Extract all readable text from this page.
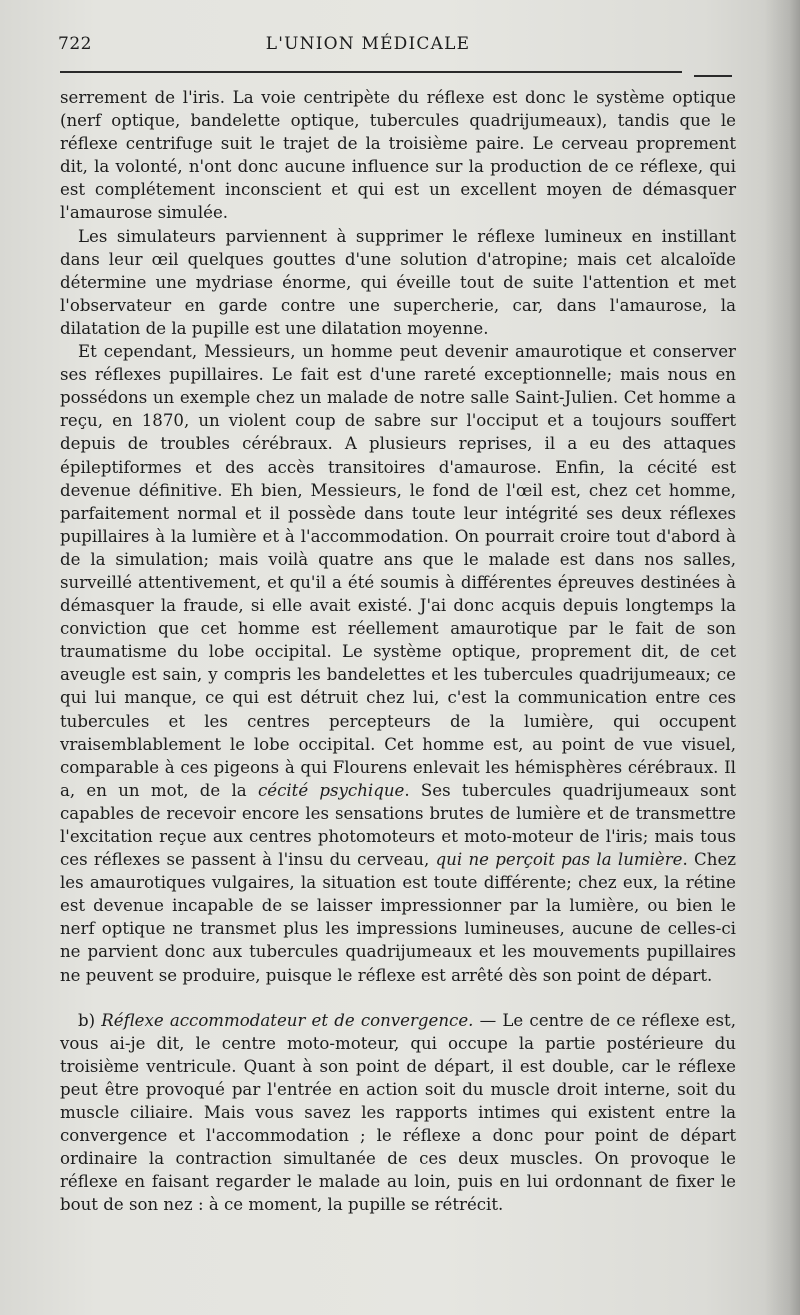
722	L'UNION MÉDICALE

serrement de l'iris. La voie centripète du réflexe est donc le système optique (nerf optique, bandelette optique, tubercules quadrijumeaux), tandis que le réflexe centrifuge suit le trajet de la troisième paire. Le cerveau proprement dit, la volonté, n'ont donc aucune influence sur la production de ce réflexe, qui est complétement inconscient et qui est un excellent moyen de démasquer l'amaurose simulée.

Les simulateurs parviennent à supprimer le réflexe lumineux en instillant dans leur œil quelques gouttes d'une solution d'atropine; mais cet alcaloïde détermine une mydriase énorme, qui éveille tout de suite l'attention et met l'observateur en garde contre une supercherie, car, dans l'amaurose, la dilatation de la pupille est une dilatation moyenne.

Et cependant, Messieurs, un homme peut devenir amaurotique et conserver ses réflexes pupillaires. Le fait est d'une rareté exceptionnelle; mais nous en possédons un exemple chez un malade de notre salle Saint-Julien. Cet homme a reçu, en 1870, un violent coup de sabre sur l'occiput et a toujours souffert depuis de troubles cérébraux. A plusieurs reprises, il a eu des attaques épileptiformes et des accès transitoires d'amaurose. Enfin, la cécité est devenue définitive. Eh bien, Messieurs, le fond de l'œil est, chez cet homme, parfaitement normal et il possède dans toute leur intégrité ses deux réflexes pupillaires à la lumière et à l'accommodation. On pourrait croire tout d'abord à de la simulation; mais voilà quatre ans que le malade est dans nos salles, surveillé attentivement, et qu'il a été soumis à différentes épreuves destinées à démasquer la fraude, si elle avait existé. J'ai donc acquis depuis longtemps la conviction que cet homme est réellement amaurotique par le fait de son traumatisme du lobe occipital. Le système optique, proprement dit, de cet aveugle est sain, y compris les bandelettes et les tubercules quadrijumeaux; ce qui lui manque, ce qui est détruit chez lui, c'est la communication entre ces tubercules et les centres percepteurs de la lumière, qui occupent vraisemblablement le lobe occipital. Cet homme est, au point de vue visuel, comparable à ces pigeons à qui Flourens enlevait les hémisphères cérébraux. Il a, en un mot, de la cécité psychique. Ses tubercules quadrijumeaux sont capables de recevoir encore les sensations brutes de lumière et de transmettre l'excitation reçue aux centres photomoteurs et moto-moteur de l'iris; mais tous ces réflexes se passent à l'insu du cerveau, qui ne perçoit pas la lumière. Chez les amaurotiques vulgaires, la situation est toute différente; chez eux, la rétine est devenue incapable de se laisser impressionner par la lumière, ou bien le nerf optique ne transmet plus les impressions lumineuses, aucune de celles-ci ne parvient donc aux tubercules quadrijumeaux et les mouvements pupillaires ne peuvent se produire, puisque le réflexe est arrêté dès son point de départ.

b) Réflexe accommodateur et de convergence. — Le centre de ce réflexe est, vous ai-je dit, le centre moto-moteur, qui occupe la partie postérieure du troisième ventricule. Quant à son point de départ, il est double, car le réflexe peut être provoqué par l'entrée en action soit du muscle droit interne, soit du muscle ciliaire. Mais vous savez les rapports intimes qui existent entre la convergence et l'accommodation ; le réflexe a donc pour point de départ ordinaire la contraction simultanée de ces deux muscles. On provoque le réflexe en faisant regarder le malade au loin, puis en lui ordonnant de fixer le bout de son nez : à ce moment, la pupille se rétrécit.
